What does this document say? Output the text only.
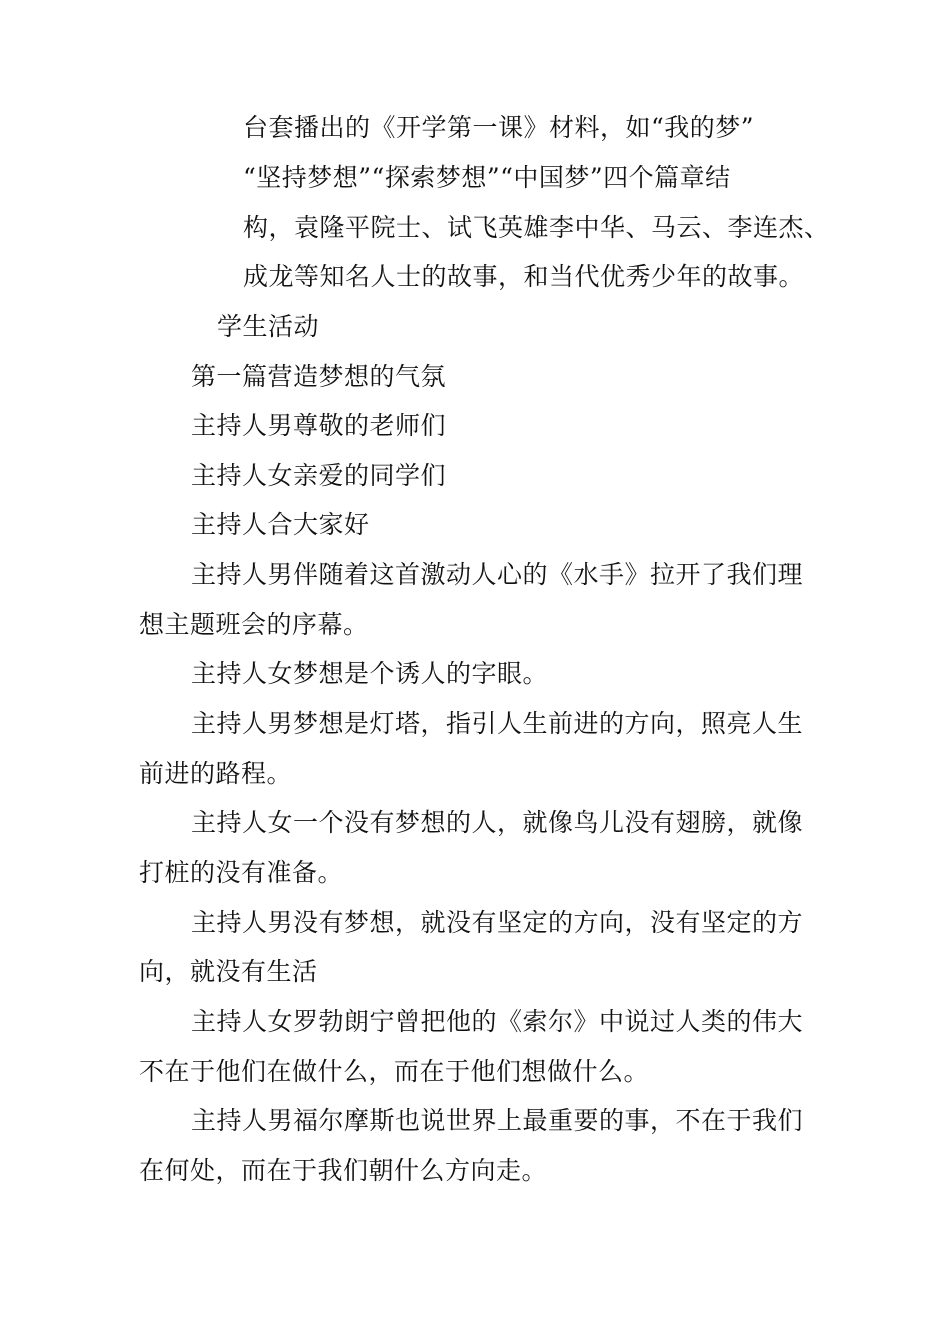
台套播出的《开学第一课》材料，如“我的梦”
“坚持梦想”“探索梦想”“中国梦”四个篇章结
构，袁隆平院士、试飞英雄李中华、马云、李连杰、
成龙等知名人士的故事，和当代优秀少年的故事。
学生活动
第一篇营造梦想的气氛
主持人男尊敬的老师们
主持人女亲爱的同学们
主持人合大家好
主持人男伴随着这首激动人心的《水手》拉开了我们理
想主题班会的序幕。
主持人女梦想是个诱人的字眼。
主持人男梦想是灯塔，指引人生前进的方向，照亮人生
前进的路程。
主持人女一个没有梦想的人，就像鸟儿没有翅膀，就像
打桩的没有准备。
主持人男没有梦想，就没有坚定的方向，没有坚定的方
向，就没有生活
主持人女罗勃朗宁曾把他的《索尔》中说过人类的伟大
不在于他们在做什么，而在于他们想做什么。
主持人男福尔摩斯也说世界上最重要的事，不在于我们
在何处，而在于我们朝什么方向走。
